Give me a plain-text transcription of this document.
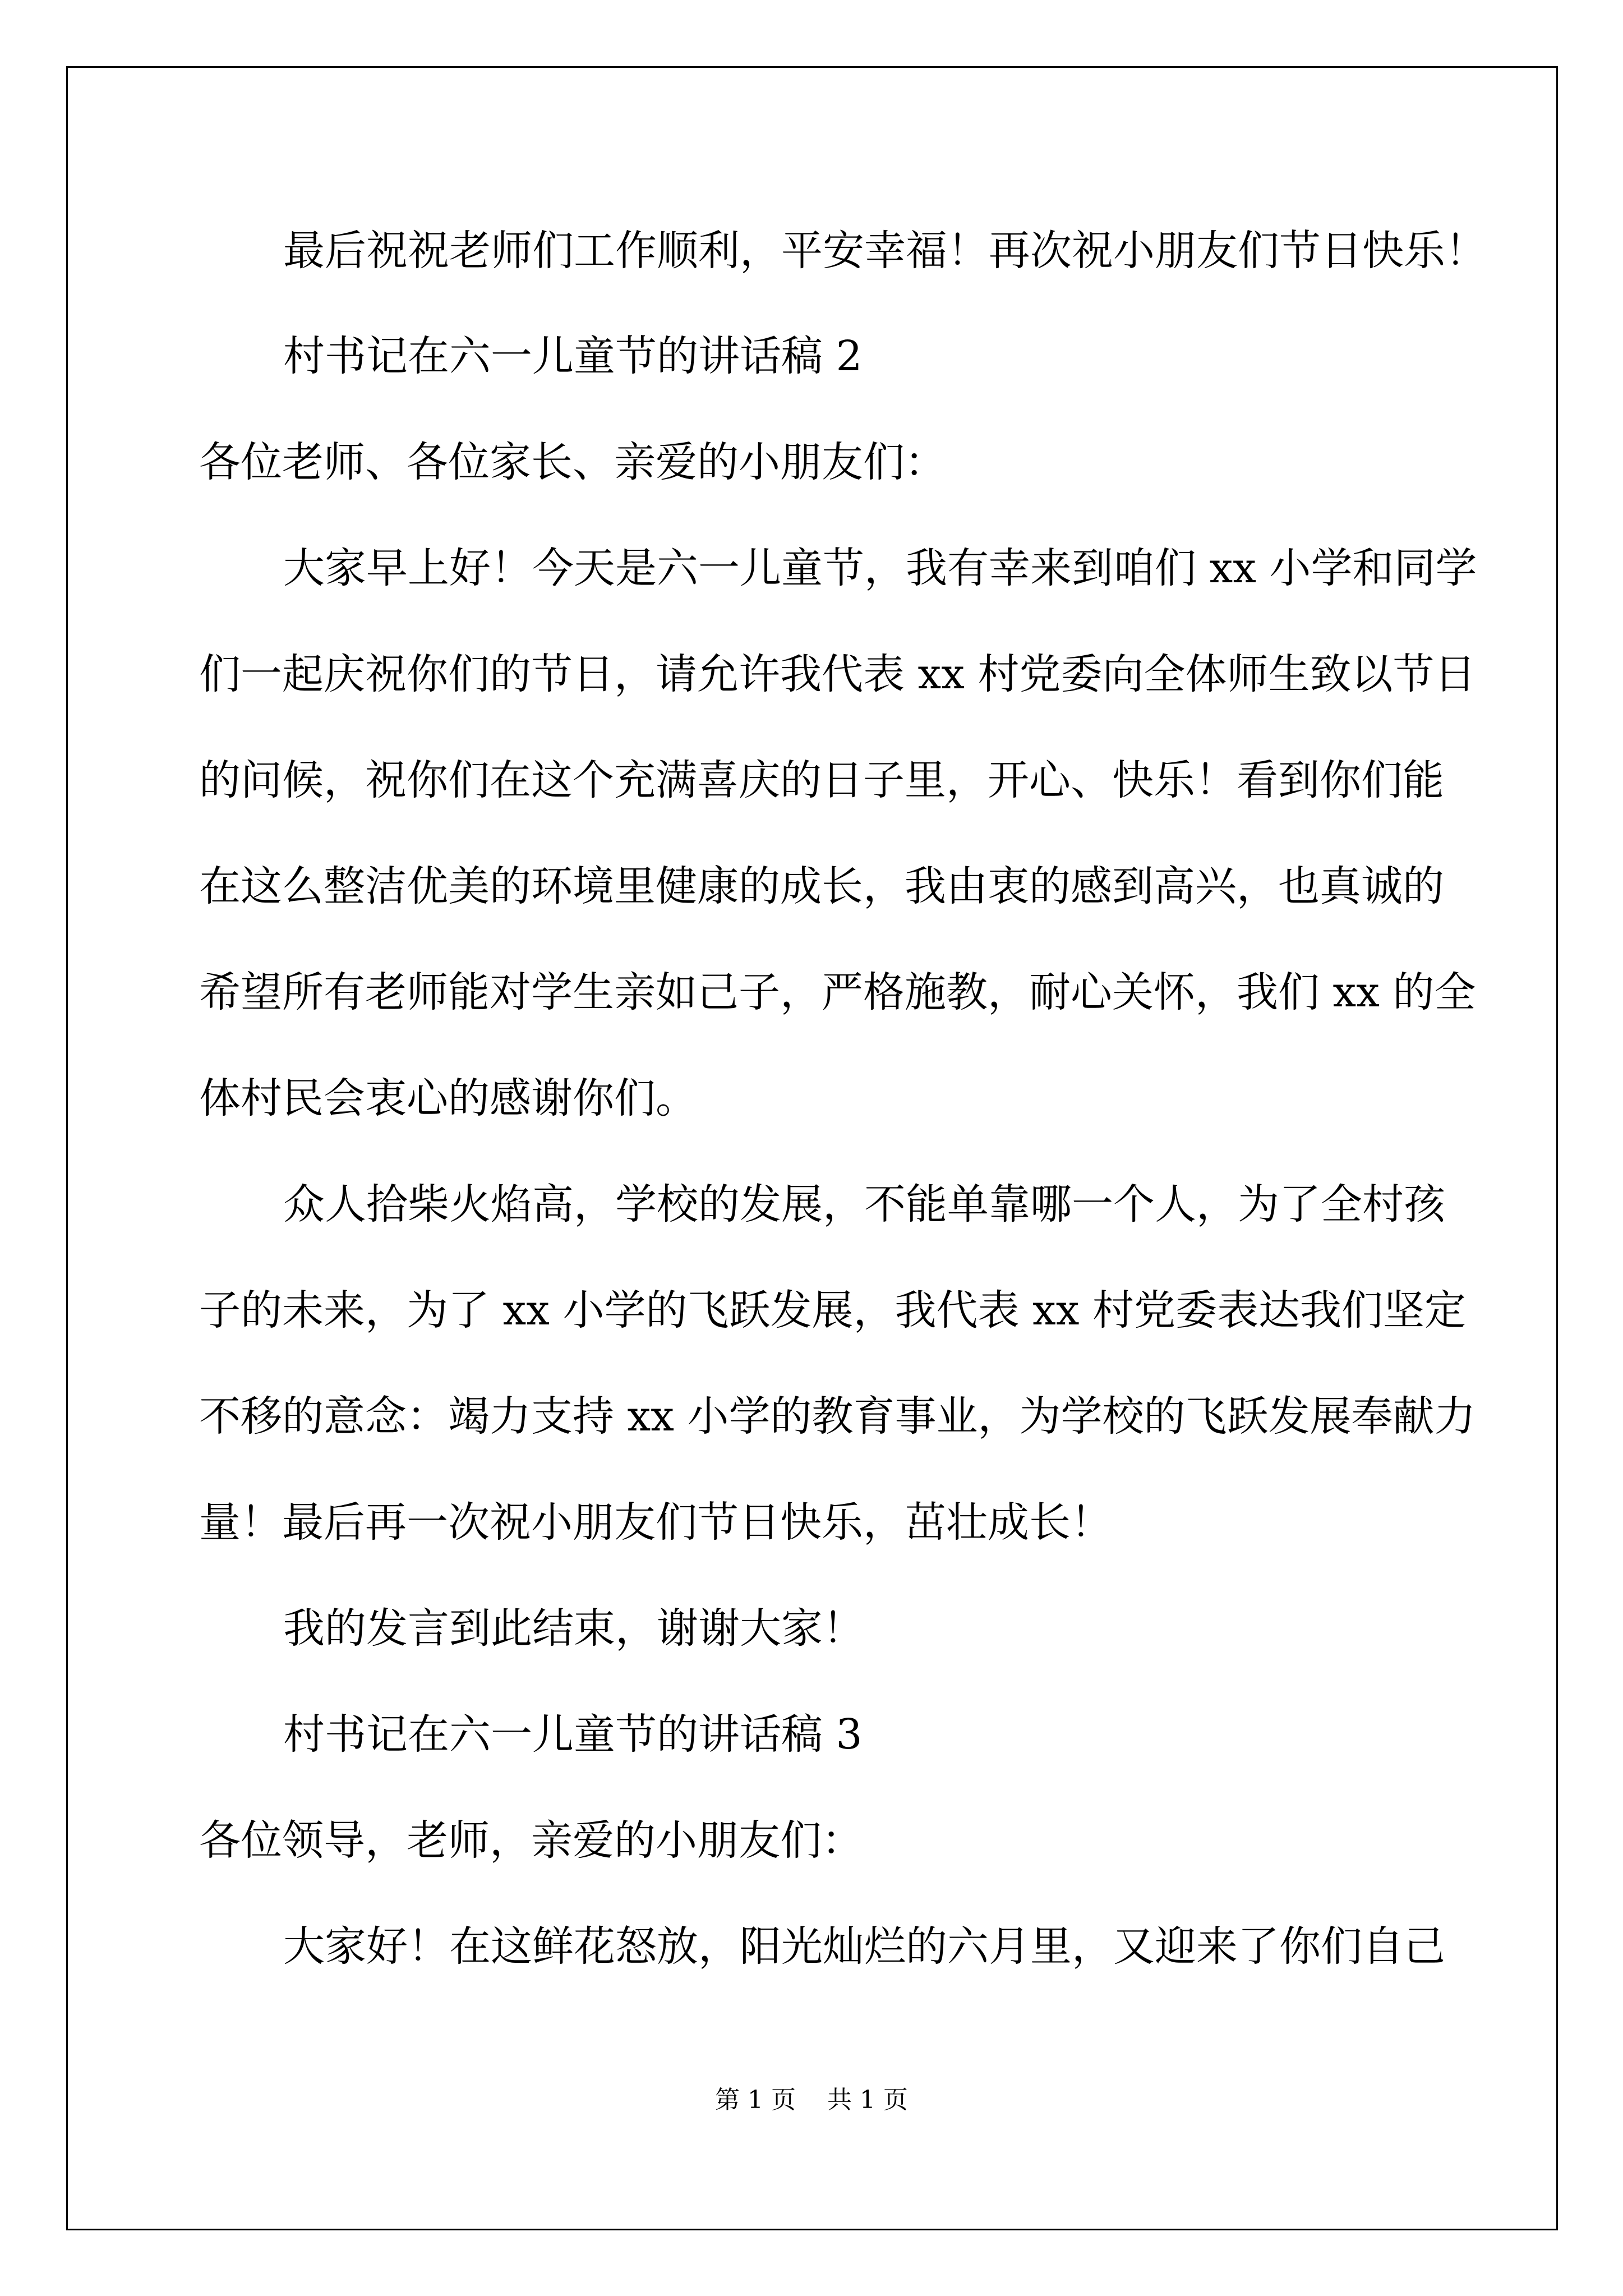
最后祝祝老师们工作顺利，平安幸福！再次祝小朋友们节日快乐！
村书记在六一儿童节的讲话稿 2
各位老师、各位家长、亲爱的小朋友们：
大家早上好！今天是六一儿童节，我有幸来到咱们 xx 小学和同学
们一起庆祝你们的节日，请允许我代表 xx 村党委向全体师生致以节日
的问候，祝你们在这个充满喜庆的日子里，开心、快乐！看到你们能
在这么整洁优美的环境里健康的成长，我由衷的感到高兴，也真诚的
希望所有老师能对学生亲如己子，严格施教，耐心关怀，我们 xx 的全
体村民会衷心的感谢你们。
众人拾柴火焰高，学校的发展，不能单靠哪一个人，为了全村孩
子的未来，为了 xx 小学的飞跃发展，我代表 xx 村党委表达我们坚定
不移的意念：竭力支持 xx 小学的教育事业，为学校的飞跃发展奉献力
量！最后再一次祝小朋友们节日快乐，茁壮成长！
我的发言到此结束，谢谢大家！
村书记在六一儿童节的讲话稿 3
各位领导，老师，亲爱的小朋友们：
大家好！在这鲜花怒放，阳光灿烂的六月里，又迎来了你们自己
第 1 页    共 1 页
